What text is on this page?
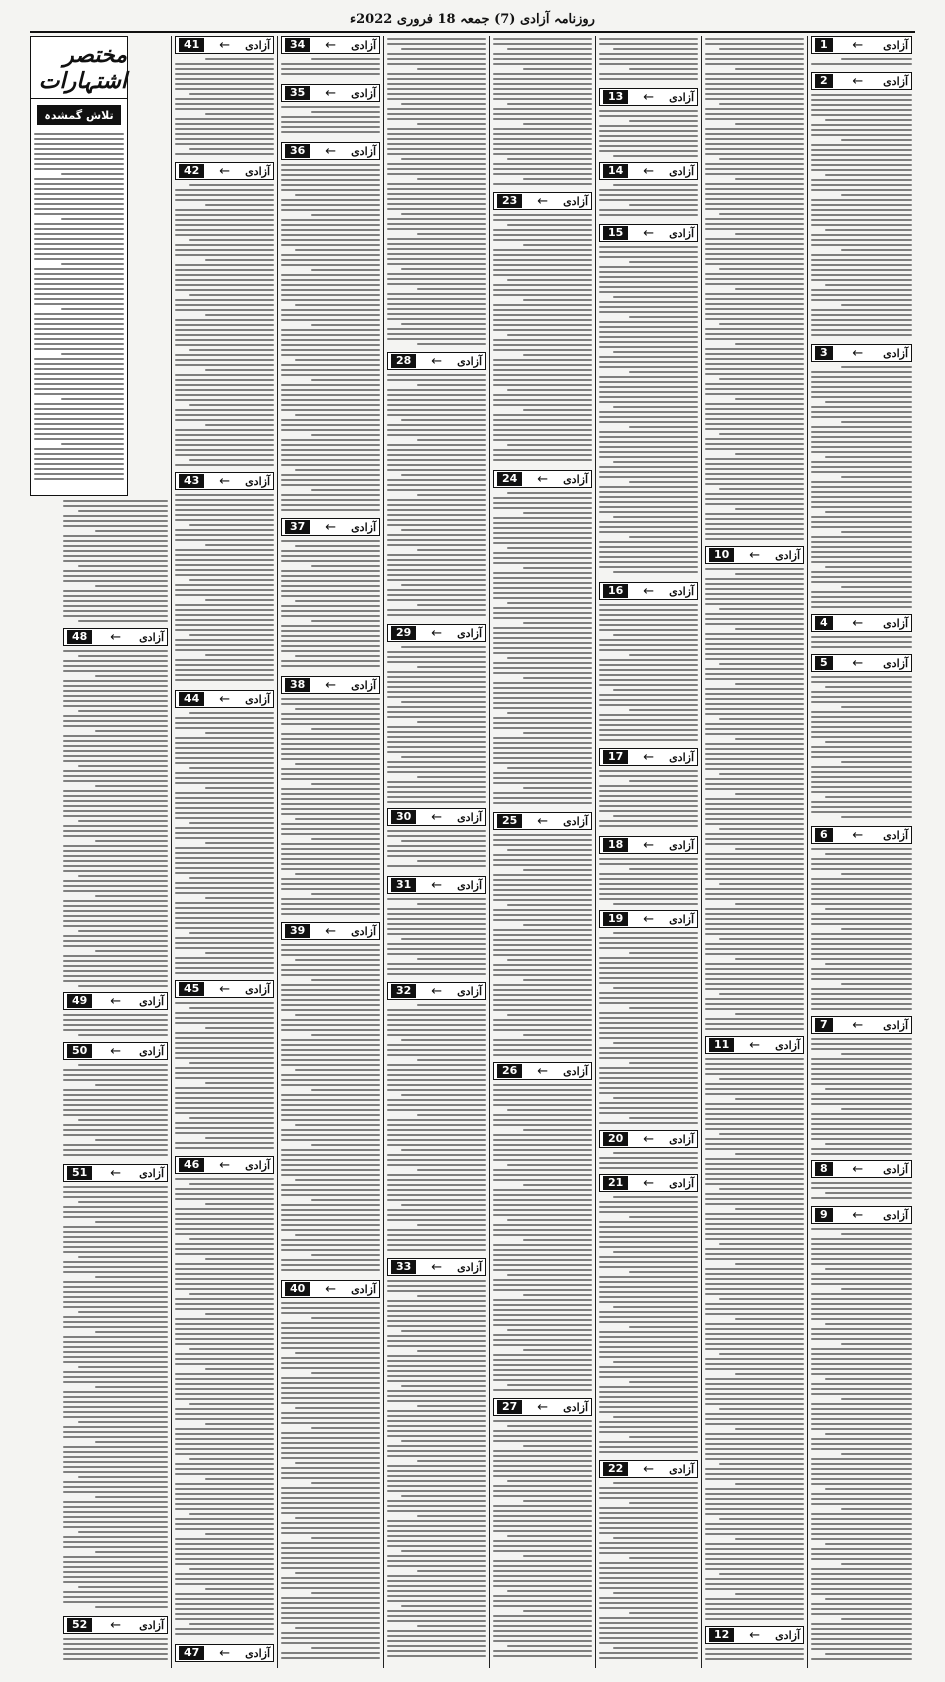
روزنامہ آزادی (7) جمعہ 18 فروری 2022ء
1	← آزادی
2	← آزادی
3	← آزادی
4	← آزادی
5	← آزادی
6	← آزادی
7	← آزادی
8	← آزادی
9	← آزادی
10	← آزادی
11	← آزادی
12	← آزادی
13	← آزادی
14	← آزادی
15	← آزادی
16	← آزادی
17	← آزادی
18	← آزادی
19	← آزادی
20	← آزادی
21	← آزادی
22	← آزادی
23	← آزادی
24	← آزادی
25	← آزادی
26	← آزادی
27	← آزادی
28	← آزادی
29	← آزادی
30	← آزادی
31	← آزادی
32	← آزادی
33	← آزادی
34	← آزادی
35	← آزادی
36	← آزادی
37	← آزادی
38	← آزادی
39	← آزادی
40	← آزادی
41	← آزادی
42	← آزادی
43	← آزادی
44	← آزادی
45	← آزادی
46	← آزادی
47	← آزادی
48	← آزادی
49	← آزادی
50	← آزادی
51	← آزادی
52	← آزادی
مختصر اشتہارات
تلاش گمشدہ
